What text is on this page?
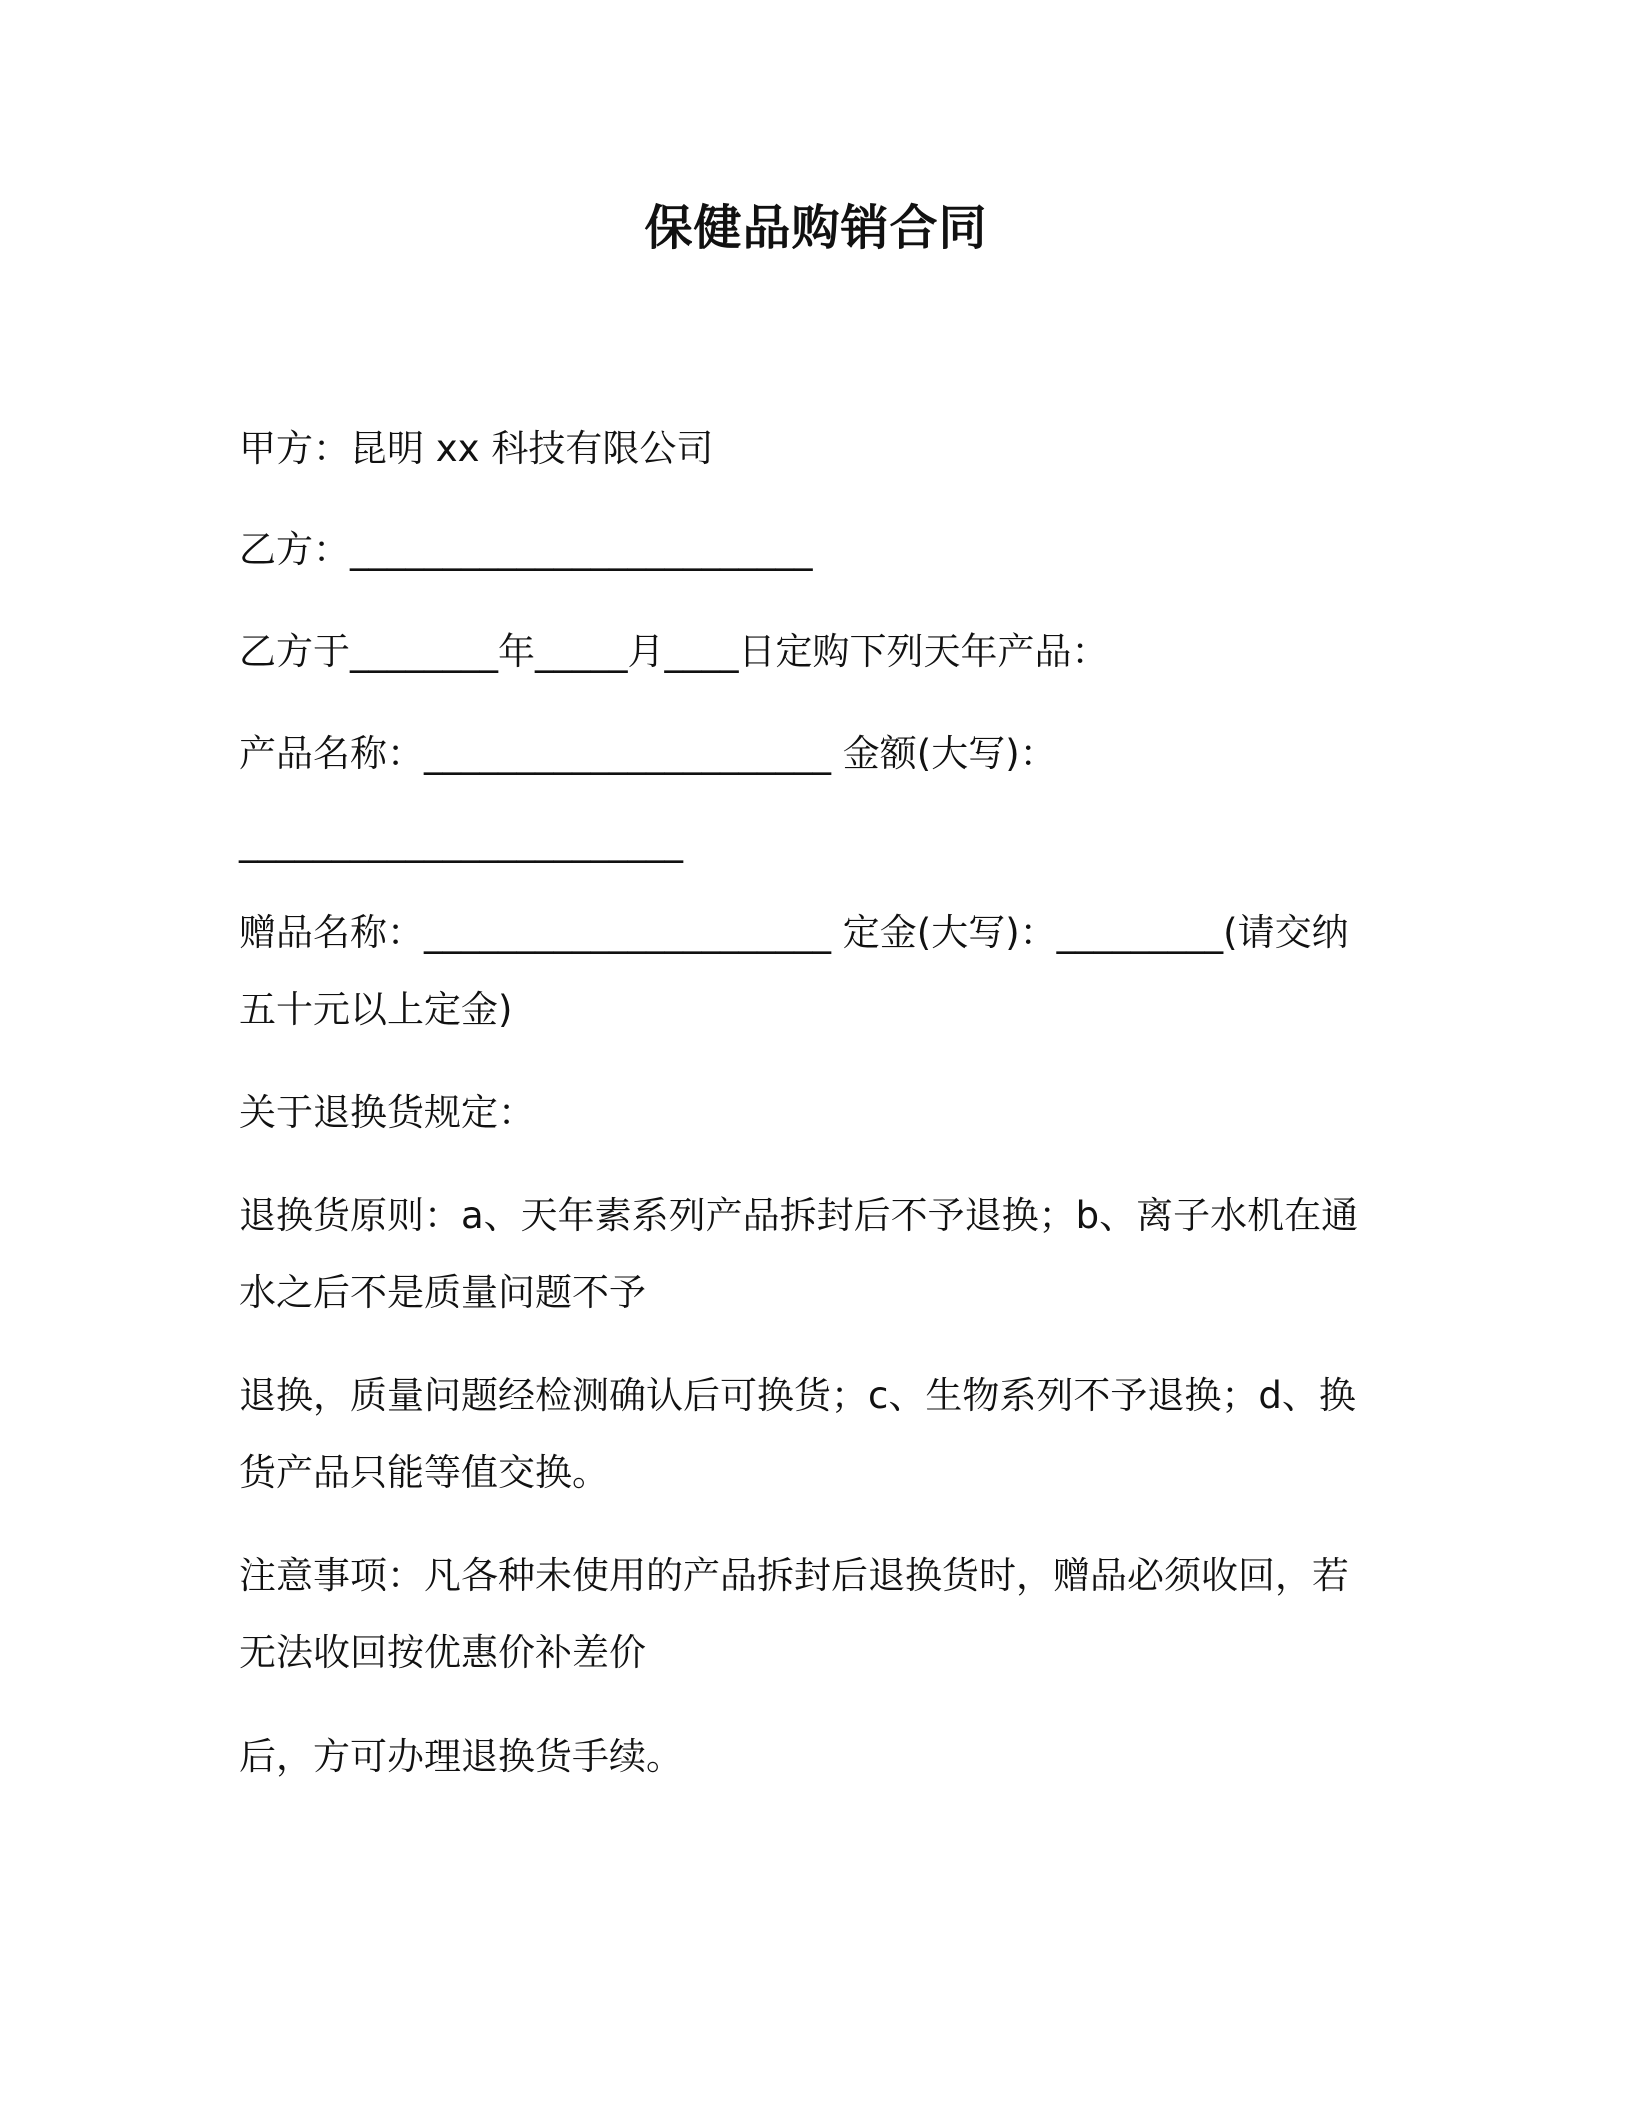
保健品购销合同
甲方：昆明 xx 科技有限公司
乙方：_________________________
乙方于________年_____月____日定购下列天年产品：
产品名称：______________________ 金额(大写)：
________________________
赠品名称：______________________ 定金(大写)：_________(请交纳
五十元以上定金)
关于退换货规定：
退换货原则：a、天年素系列产品拆封后不予退换；b、离子水机在通
水之后不是质量问题不予
退换，质量问题经检测确认后可换货；c、生物系列不予退换；d、换
货产品只能等值交换。
注意事项：凡各种未使用的产品拆封后退换货时，赠品必须收回，若
无法收回按优惠价补差价
后，方可办理退换货手续。
